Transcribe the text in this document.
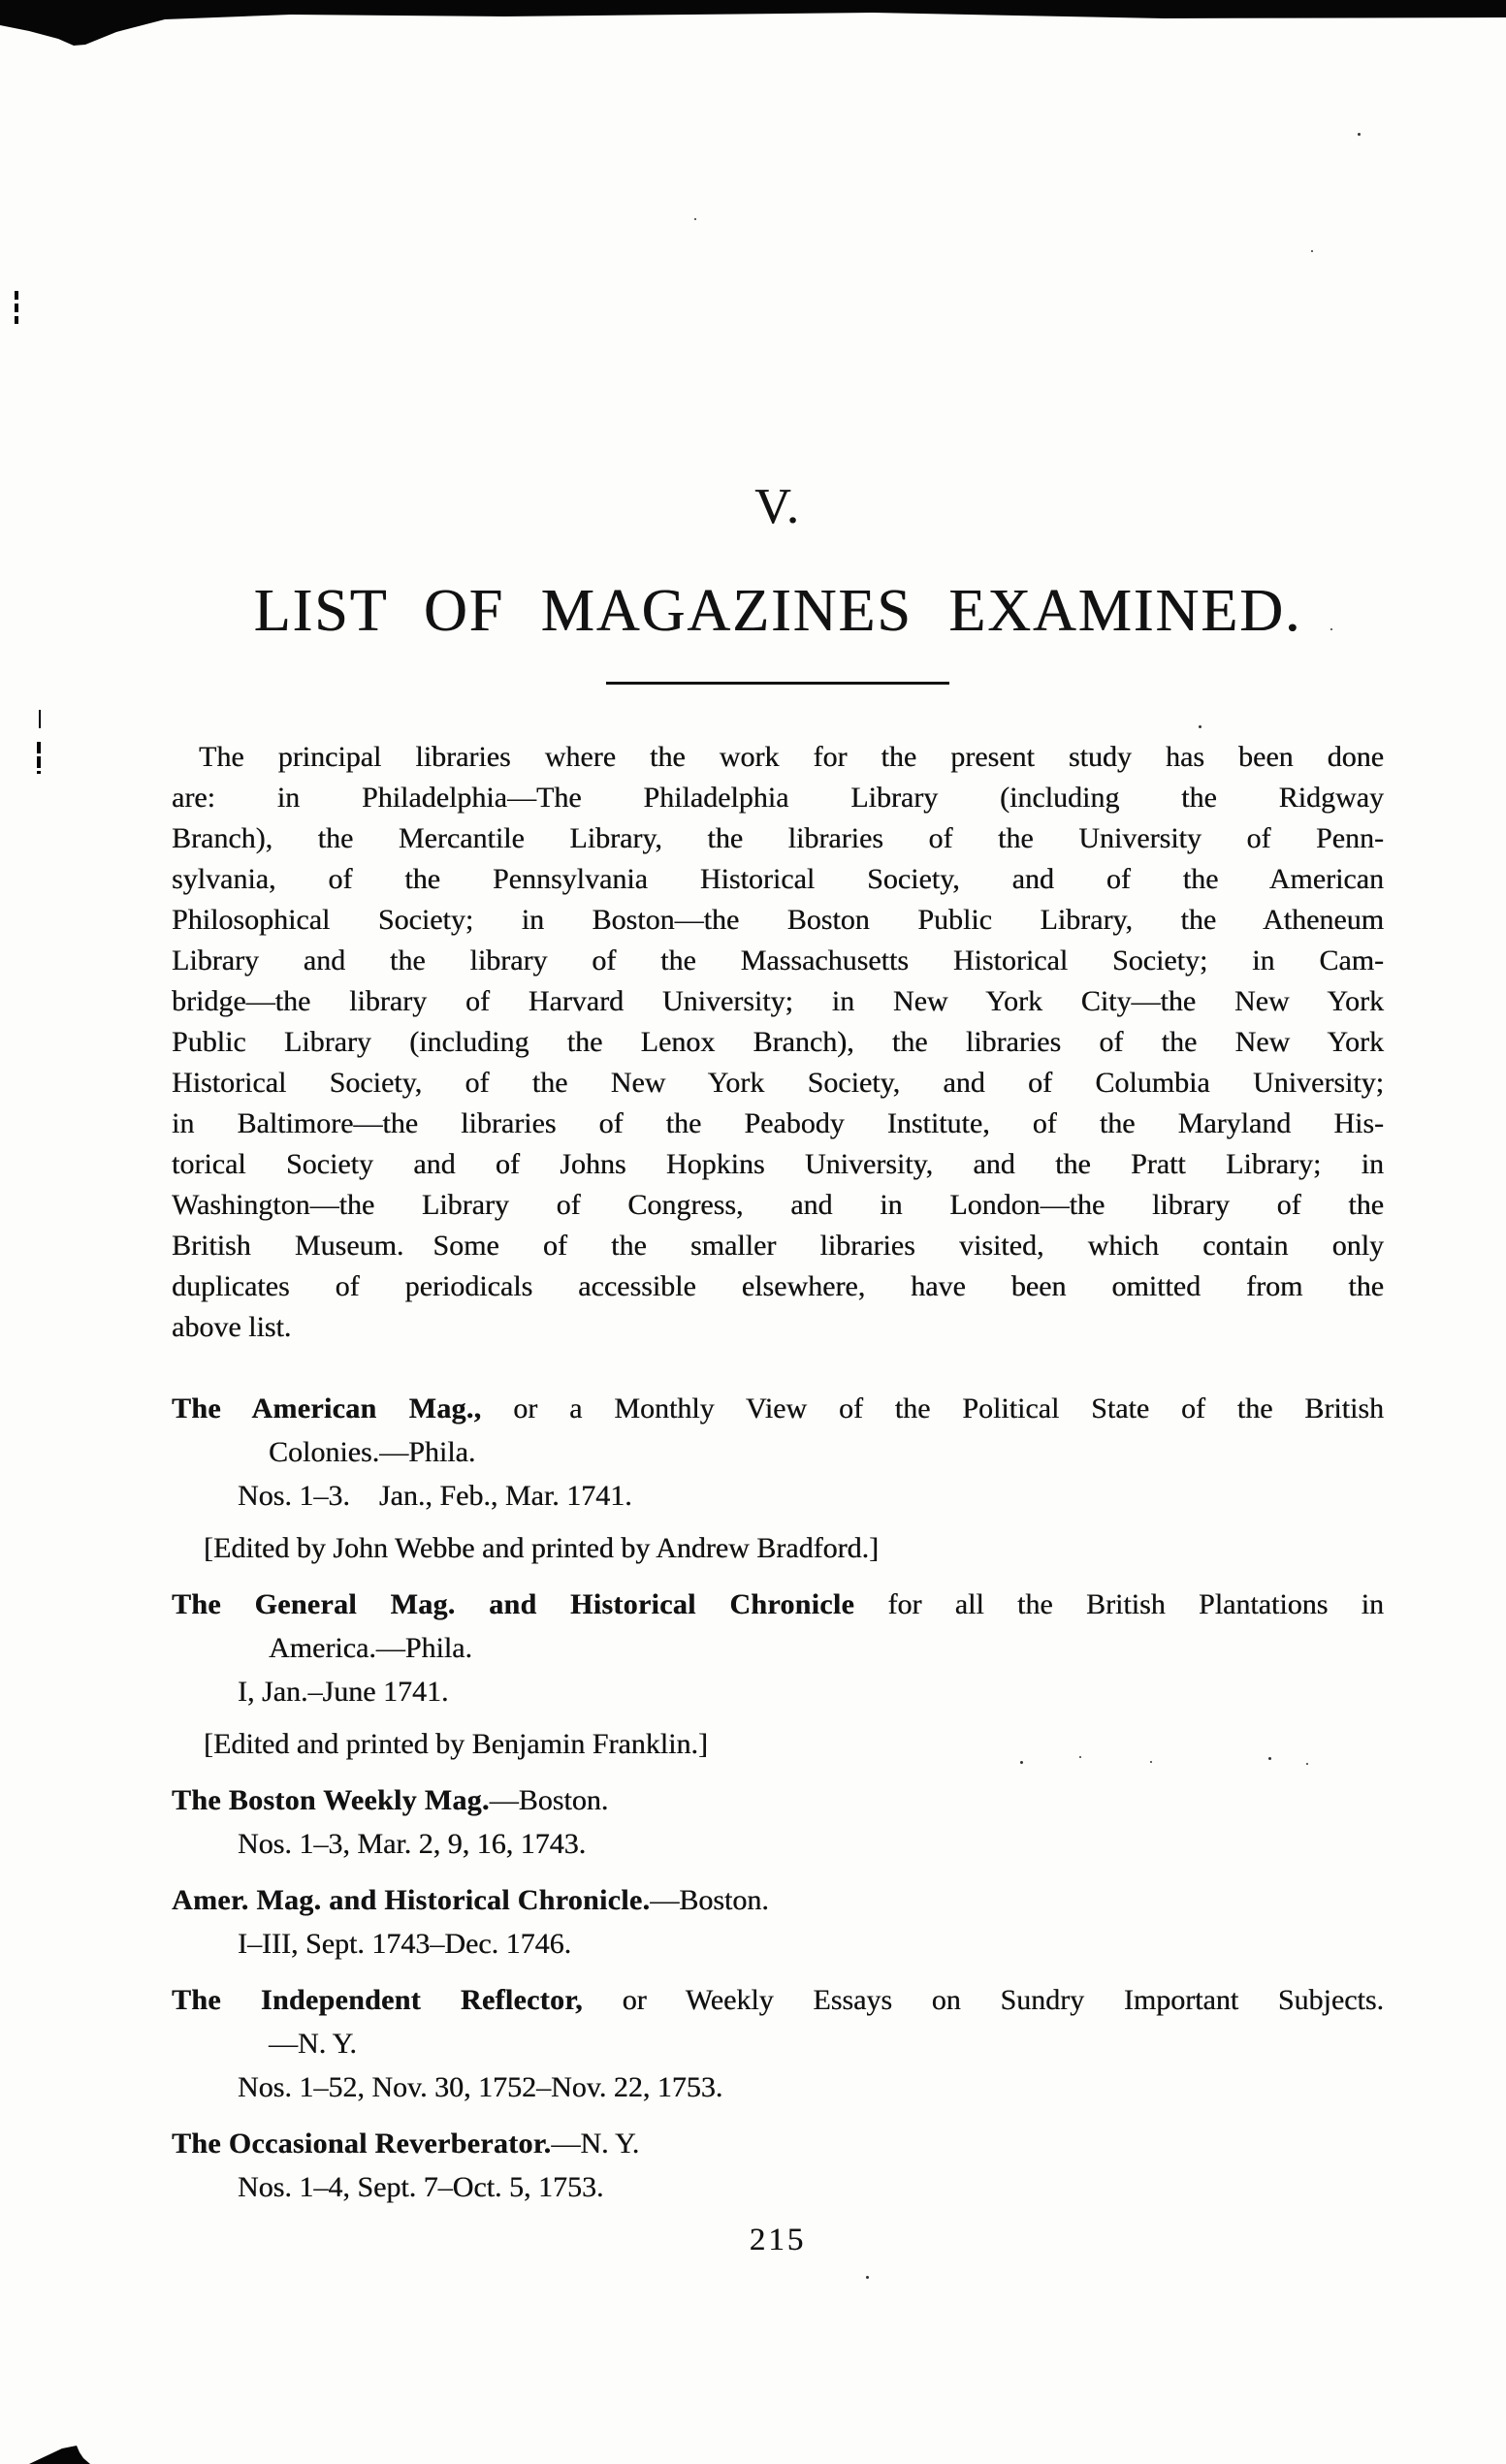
V.
LIST OF MAGAZINES EXAMINED.
The principal libraries where the work for the present study has been done
are: in Philadelphia—The Philadelphia Library (including the Ridgway
Branch), the Mercantile Library, the libraries of the University of Penn-
sylvania, of the Pennsylvania Historical Society, and of the American
Philosophical Society; in Boston—the Boston Public Library, the Atheneum
Library and the library of the Massachusetts Historical Society; in Cam-
bridge—the library of Harvard University; in New York City—the New York
Public Library (including the Lenox Branch), the libraries of the New York
Historical Society, of the New York Society, and of Columbia University;
in Baltimore—the libraries of the Peabody Institute, of the Maryland His-
torical Society and of Johns Hopkins University, and the Pratt Library; in
Washington—the Library of Congress, and in London—the library of the
British Museum. Some of the smaller libraries visited, which contain only
duplicates of periodicals accessible elsewhere, have been omitted from the
above list.
The American Mag., or a Monthly View of the Political State of the British
Colonies.—Phila.
Nos. 1–3. Jan., Feb., Mar. 1741.
[Edited by John Webbe and printed by Andrew Bradford.]
The General Mag. and Historical Chronicle for all the British Plantations in
America.—Phila.
I, Jan.–June 1741.
[Edited and printed by Benjamin Franklin.]
The Boston Weekly Mag.—Boston.
Nos. 1–3, Mar. 2, 9, 16, 1743.
Amer. Mag. and Historical Chronicle.—Boston.
I–III, Sept. 1743–Dec. 1746.
The Independent Reflector, or Weekly Essays on Sundry Important Subjects.
—N. Y.
Nos. 1–52, Nov. 30, 1752–Nov. 22, 1753.
The Occasional Reverberator.—N. Y.
Nos. 1–4, Sept. 7–Oct. 5, 1753.
215
